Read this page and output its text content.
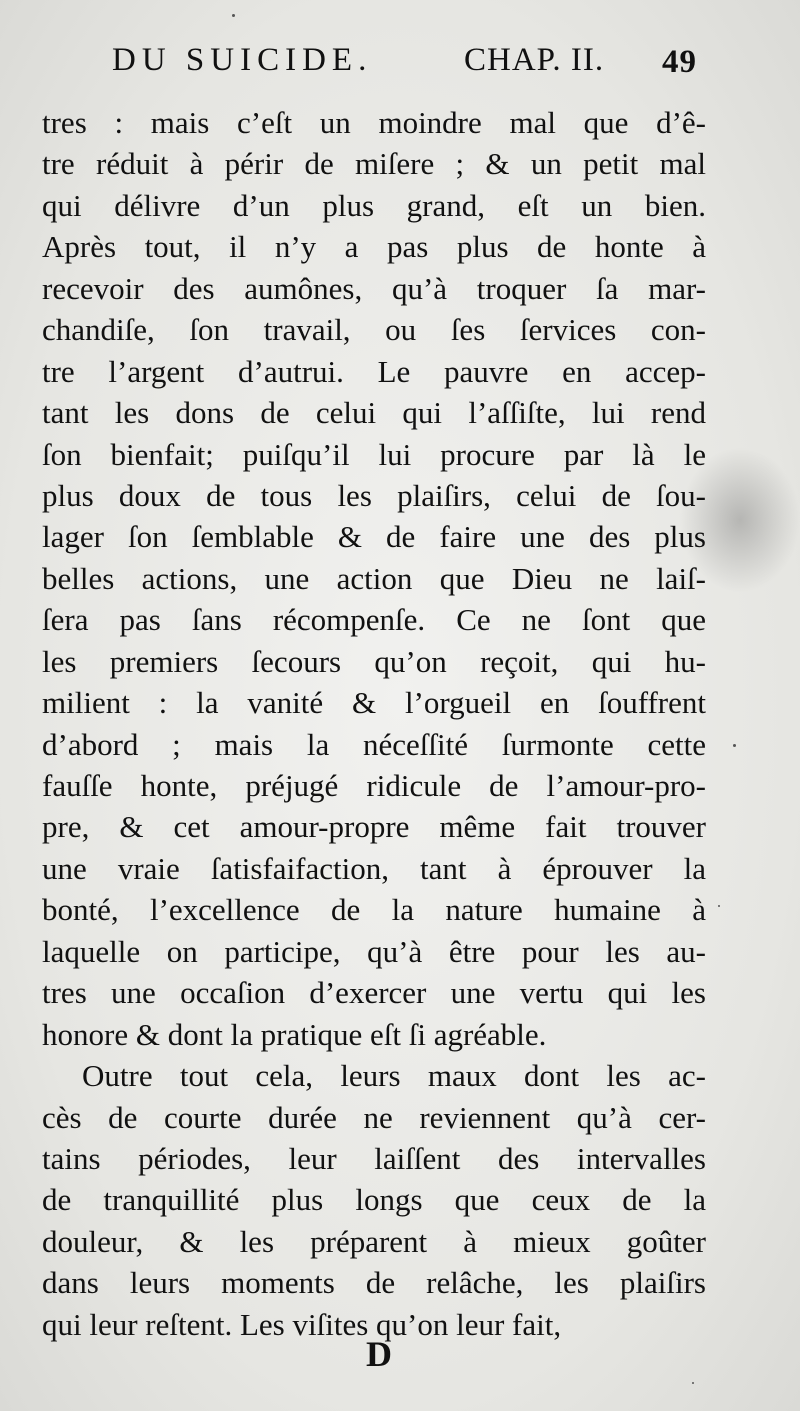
DU SUICIDE.	CHAP. II. 49
tres : mais c’eſt un moindre mal que d’ê-
tre réduit à périr de miſere ; & un petit mal
qui délivre d’un plus grand, eſt un bien.
Après tout, il n’y a pas plus de honte à
recevoir des aumônes, qu’à troquer ſa mar-
chandiſe, ſon travail, ou ſes ſervices con-
tre l’argent d’autrui. Le pauvre en accep-
tant les dons de celui qui l’aſſiſte, lui rend
ſon bienfait; puiſqu’il lui procure par là le
plus doux de tous les plaiſirs, celui de ſou-
lager ſon ſemblable & de faire une des plus
belles actions, une action que Dieu ne laiſ-
ſera pas ſans récompenſe. Ce ne ſont que
les premiers ſecours qu’on reçoit, qui hu-
milient : la vanité & l’orgueil en ſouffrent
d’abord ; mais la néceſſité ſurmonte cette
fauſſe honte, préjugé ridicule de l’amour-pro-
pre, & cet amour-propre même fait trouver
une vraie ſatisfaifaction, tant à éprouver la
bonté, l’excellence de la nature humaine à
laquelle on participe, qu’à être pour les au-
tres une occaſion d’exercer une vertu qui les
honore & dont la pratique eſt ſi agréable.
Outre tout cela, leurs maux dont les ac-
cès de courte durée ne reviennent qu’à cer-
tains périodes, leur laiſſent des intervalles
de tranquillité plus longs que ceux de la
douleur, & les préparent à mieux goûter
dans leurs moments de relâche, les plaiſirs
qui leur reſtent. Les viſites qu’on leur fait,
D
